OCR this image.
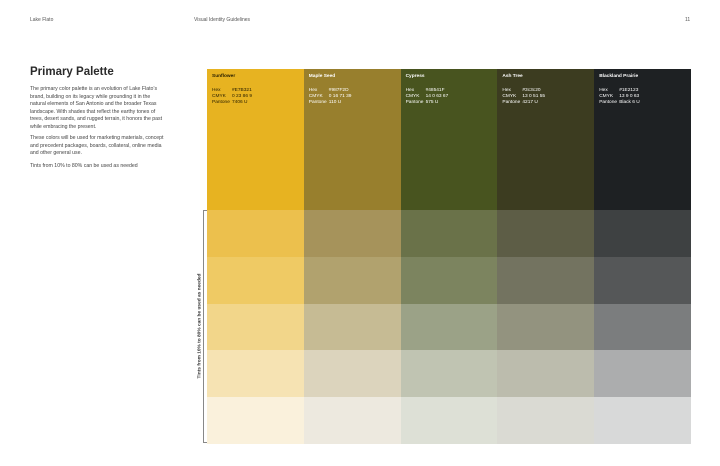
Lake Flato	Visual Identity Guidelines	11
Primary Palette
The primary color palette is an evolution of Lake Flato’s brand, building on its legacy while grounding it in the natural elements of San Antonio and the broader Texas landscape. With shades that reflect the earthy tones of trees, desert sands, and rugged terrain, it honors the past while embracing the present.
These colors will be used for marketing materials, concept and precedent packages, boards, collateral, online media and other general use.
Tints from 10% to 80% can be used as needed
Sunflower
Hex	#E7B321
CMYK	0 23 86 9
Pantone 7406 U
Maple Seed
Hex	#987F2D
CMYK	0 16 71 39
Pantone 110 U
Cypress
Hex	#48541F
CMYK	14 0 63 67
Pantone 575 U
Ash Tree
Hex	#3c3c20
CMYK	13 0 51 55
Pantone 4217 U
Blackland Prairie
Hex	#1E2123
CMYK	13 9 0 63
Pantone Black 6 U
Tints from 10% to 80% can be used as needed
